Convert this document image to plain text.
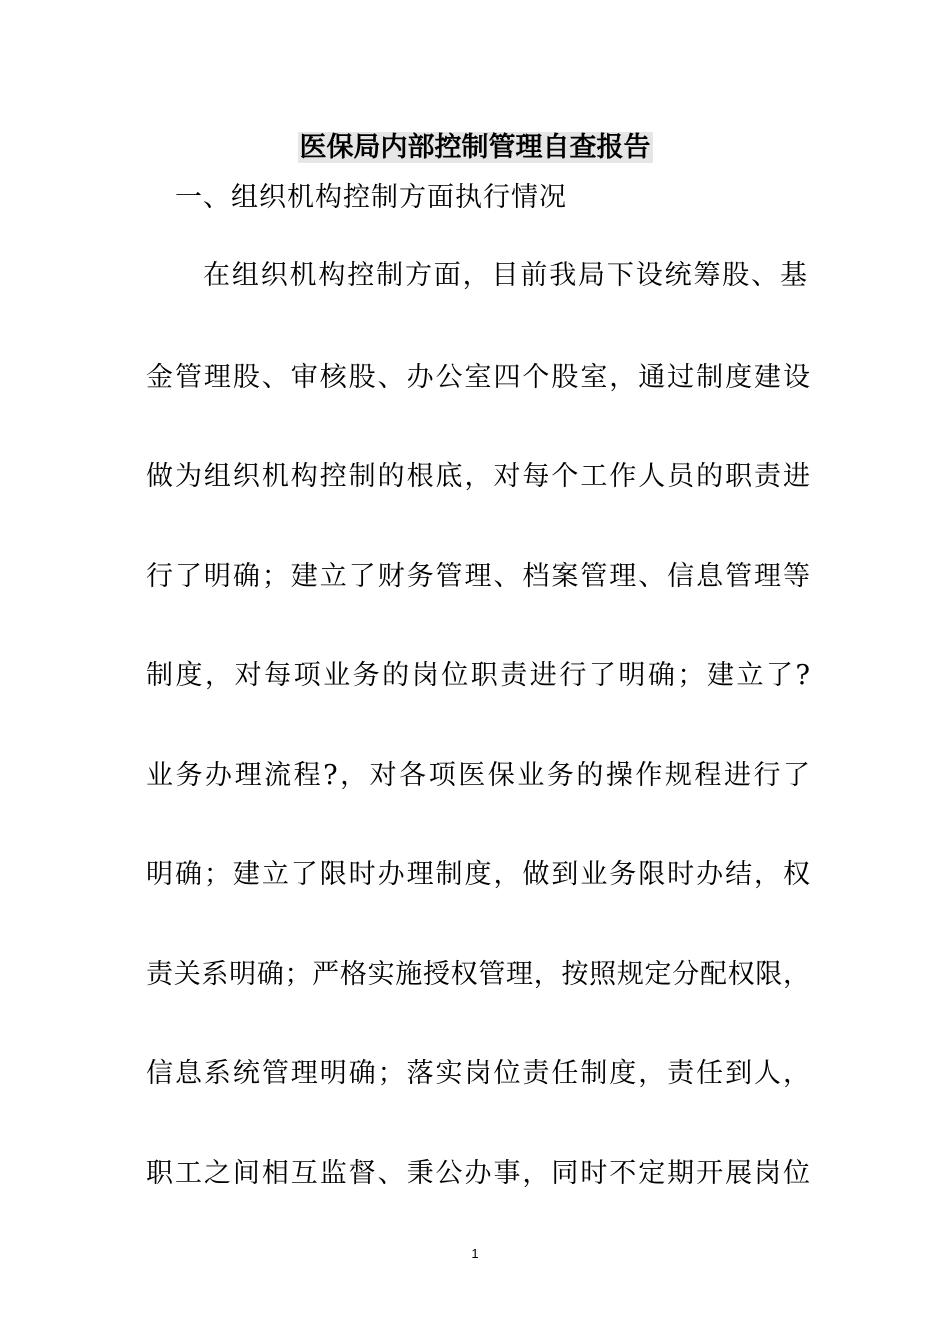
医保局内部控制管理自查报告
一、组织机构控制方面执行情况
在组织机构控制方面，目前我局下设统筹股、基
金管理股、审核股、办公室四个股室，通过制度建设
做为组织机构控制的根底，对每个工作人员的职责进
行了明确；建立了财务管理、档案管理、信息管理等
制度，对每项业务的岗位职责进行了明确；建立了?
业务办理流程?，对各项医保业务的操作规程进行了
明确；建立了限时办理制度，做到业务限时办结，权
责关系明确；严格实施授权管理，按照规定分配权限，
信息系统管理明确；落实岗位责任制度，责任到人，
职工之间相互监督、秉公办事，同时不定期开展岗位
1
